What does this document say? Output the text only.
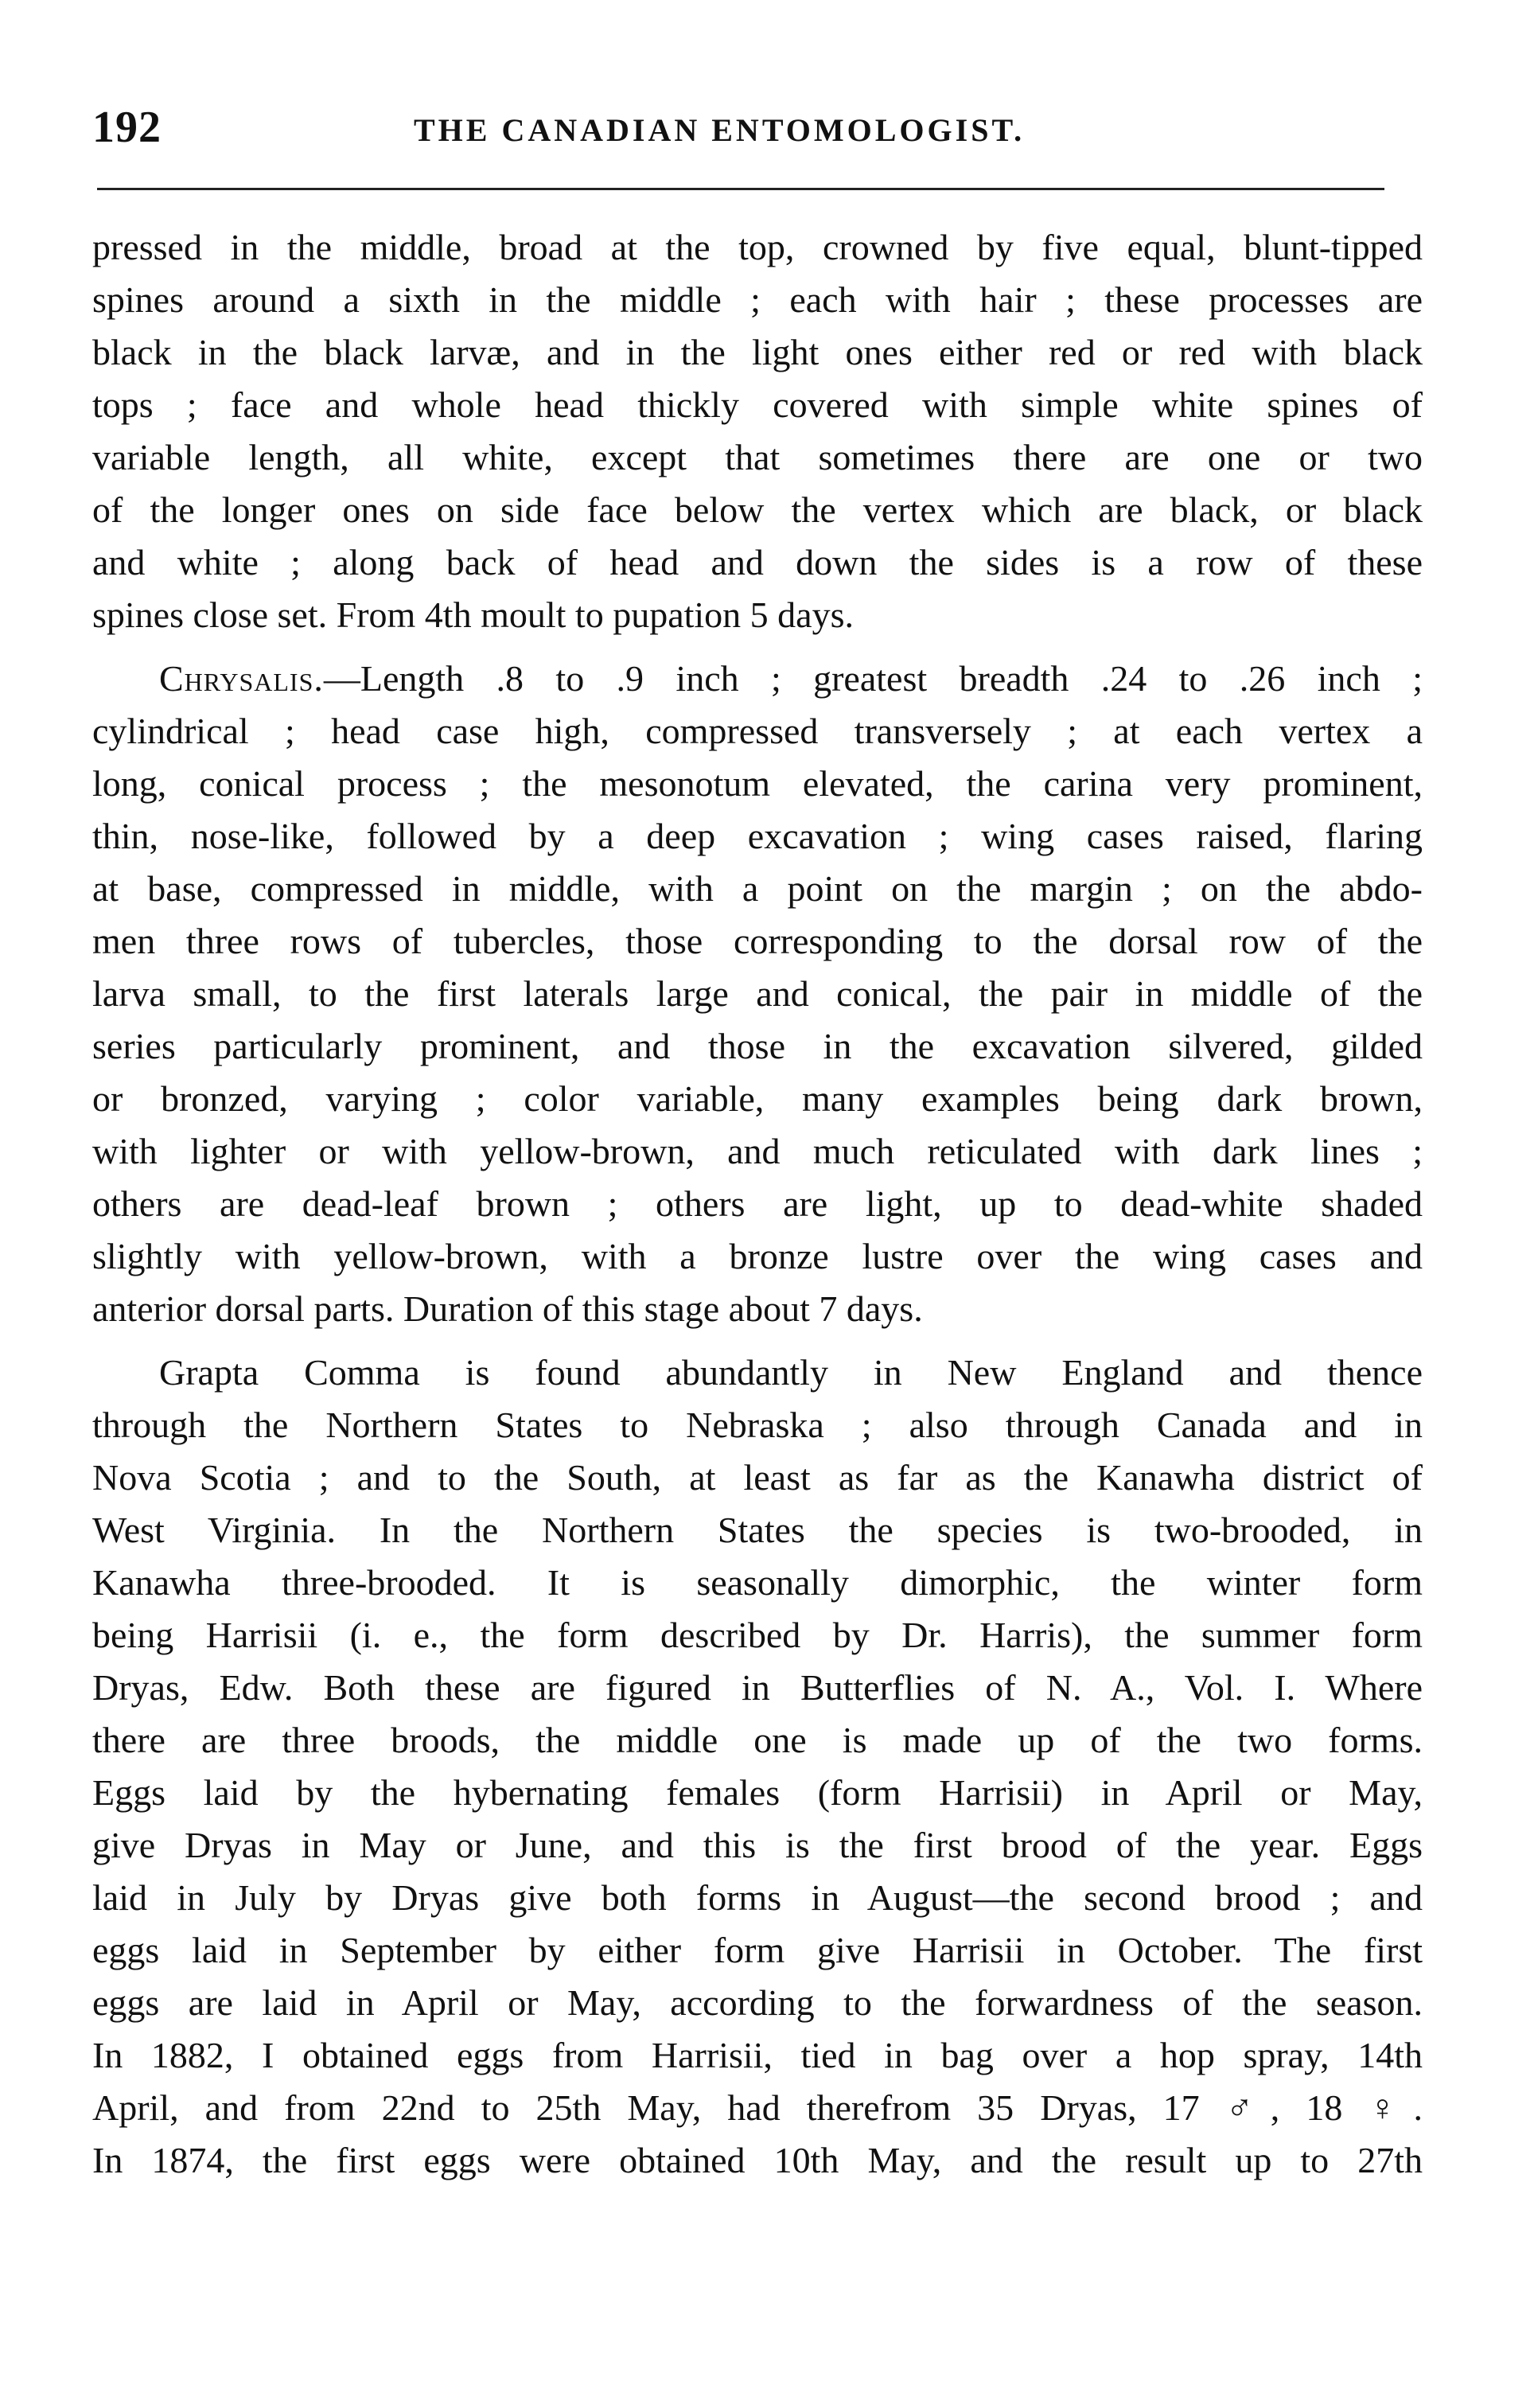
192	THE CANADIAN ENTOMOLOGIST.

pressed in the middle, broad at the top, crowned by five equal, blunt-tipped
spines around a sixth in the middle ; each with hair ; these processes are
black in the black larvæ, and in the light ones either red or red with black
tops ; face and whole head thickly covered with simple white spines of
variable length, all white, except that sometimes there are one or two
of the longer ones on side face below the vertex which are black, or black
and white ; along back of head and down the sides is a row of these
spines close set. From 4th moult to pupation 5 days.

Chrysalis.—Length .8 to .9 inch ; greatest breadth .24 to .26 inch ;
cylindrical ; head case high, compressed transversely ; at each vertex a
long, conical process ; the mesonotum elevated, the carina very prominent,
thin, nose-like, followed by a deep excavation ; wing cases raised, flaring
at base, compressed in middle, with a point on the margin ; on the abdo-
men three rows of tubercles, those corresponding to the dorsal row of the
larva small, to the first laterals large and conical, the pair in middle of the
series particularly prominent, and those in the excavation silvered, gilded
or bronzed, varying ; color variable, many examples being dark brown,
with lighter or with yellow-brown, and much reticulated with dark lines ;
others are dead-leaf brown ; others are light, up to dead-white shaded
slightly with yellow-brown, with a bronze lustre over the wing cases and
anterior dorsal parts. Duration of this stage about 7 days.

Grapta Comma is found abundantly in New England and thence
through the Northern States to Nebraska ; also through Canada and in
Nova Scotia ; and to the South, at least as far as the Kanawha district of
West Virginia. In the Northern States the species is two-brooded, in
Kanawha three-brooded. It is seasonally dimorphic, the winter form
being Harrisii (i. e., the form described by Dr. Harris), the summer form
Dryas, Edw. Both these are figured in Butterflies of N. A., Vol. I. Where
there are three broods, the middle one is made up of the two forms.
Eggs laid by the hybernating females (form Harrisii) in April or May,
give Dryas in May or June, and this is the first brood of the year. Eggs
laid in July by Dryas give both forms in August—the second brood ; and
eggs laid in September by either form give Harrisii in October. The first
eggs are laid in April or May, according to the forwardness of the season.
In 1882, I obtained eggs from Harrisii, tied in bag over a hop spray, 14th
April, and from 22nd to 25th May, had therefrom 35 Dryas, 17 ♂, 18 ♀.
In 1874, the first eggs were obtained 10th May, and the result up to 27th
